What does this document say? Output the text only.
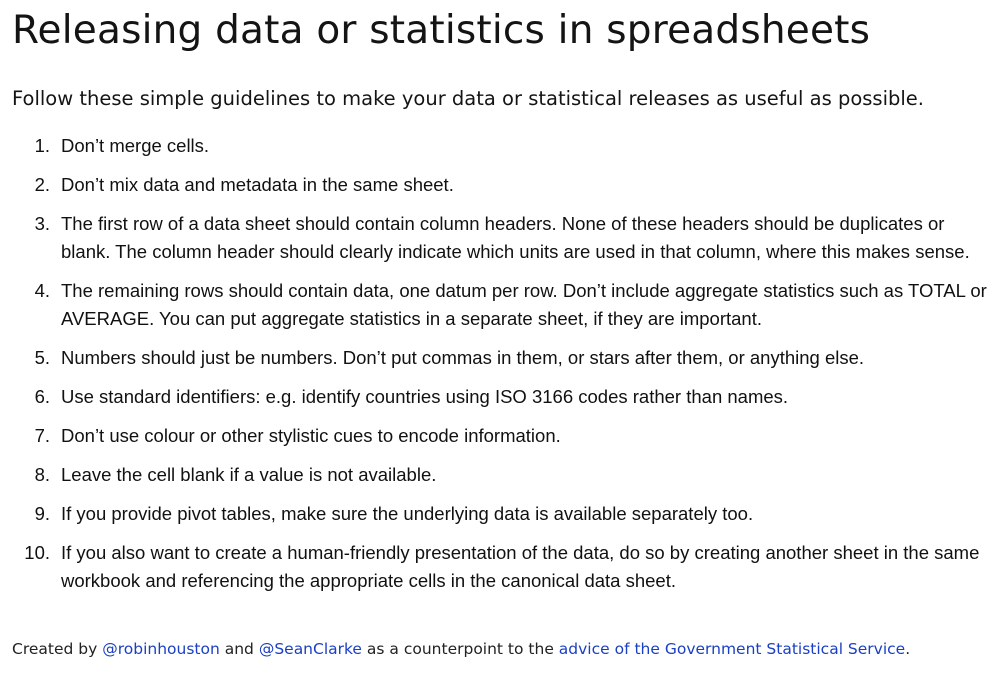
Releasing data or statistics in spreadsheets

Follow these simple guidelines to make your data or statistical releases as useful as possible.

1. Don’t merge cells.
2. Don’t mix data and metadata in the same sheet.
3. The first row of a data sheet should contain column headers. None of these headers should be duplicates or blank. The column header should clearly indicate which units are used in that column, where this makes sense.
4. The remaining rows should contain data, one datum per row. Don’t include aggregate statistics such as TOTAL or AVERAGE. You can put aggregate statistics in a separate sheet, if they are important.
5. Numbers should just be numbers. Don’t put commas in them, or stars after them, or anything else.
6. Use standard identifiers: e.g. identify countries using ISO 3166 codes rather than names.
7. Don’t use colour or other stylistic cues to encode information.
8. Leave the cell blank if a value is not available.
9. If you provide pivot tables, make sure the underlying data is available separately too.
10. If you also want to create a human-friendly presentation of the data, do so by creating another sheet in the same workbook and referencing the appropriate cells in the canonical data sheet.
Created by @robinhouston and @SeanClarke as a counterpoint to the advice of the Government Statistical Service.
